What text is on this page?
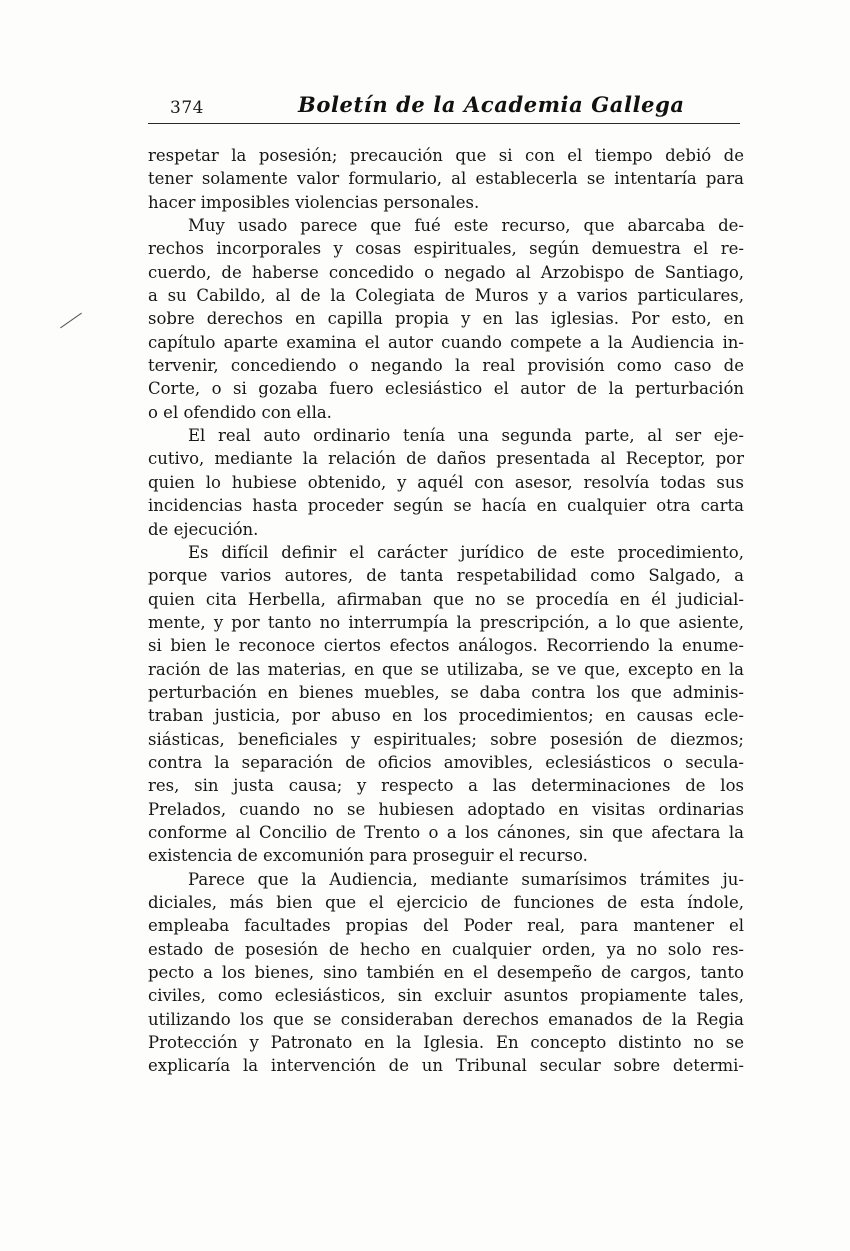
374	Boletín de la Academia Gallega
respetar la posesión; precaución que si con el tiempo debió de
tener solamente valor formulario, al establecerla se intentaría para
hacer imposibles violencias personales.
Muy usado parece que fué este recurso, que abarcaba de-
rechos incorporales y cosas espirituales, según demuestra el re-
cuerdo, de haberse concedido o negado al Arzobispo de Santiago,
a su Cabildo, al de la Colegiata de Muros y a varios particulares,
sobre derechos en capilla propia y en las iglesias. Por esto, en
capítulo aparte examina el autor cuando compete a la Audiencia in-
tervenir, concediendo o negando la real provisión como caso de
Corte, o si gozaba fuero eclesiástico el autor de la perturbación
o el ofendido con ella.
El real auto ordinario tenía una segunda parte, al ser eje-
cutivo, mediante la relación de daños presentada al Receptor, por
quien lo hubiese obtenido, y aquél con asesor, resolvía todas sus
incidencias hasta proceder según se hacía en cualquier otra carta
de ejecución.
Es difícil definir el carácter jurídico de este procedimiento,
porque varios autores, de tanta respetabilidad como Salgado, a
quien cita Herbella, afirmaban que no se procedía en él judicial-
mente, y por tanto no interrumpía la prescripción, a lo que asiente,
si bien le reconoce ciertos efectos análogos. Recorriendo la enume-
ración de las materias, en que se utilizaba, se ve que, excepto en la
perturbación en bienes muebles, se daba contra los que adminis-
traban justicia, por abuso en los procedimientos; en causas ecle-
siásticas, beneficiales y espirituales; sobre posesión de diezmos;
contra la separación de oficios amovibles, eclesiásticos o secula-
res, sin justa causa; y respecto a las determinaciones de los
Prelados, cuando no se hubiesen adoptado en visitas ordinarias
conforme al Concilio de Trento o a los cánones, sin que afectara la
existencia de excomunión para proseguir el recurso.
Parece que la Audiencia, mediante sumarísimos trámites ju-
diciales, más bien que el ejercicio de funciones de esta índole,
empleaba facultades propias del Poder real, para mantener el
estado de posesión de hecho en cualquier orden, ya no solo res-
pecto a los bienes, sino también en el desempeño de cargos, tanto
civiles, como eclesiásticos, sin excluir asuntos propiamente tales,
utilizando los que se consideraban derechos emanados de la Regia
Protección y Patronato en la Iglesia. En concepto distinto no se
explicaría la intervención de un Tribunal secular sobre determi-
